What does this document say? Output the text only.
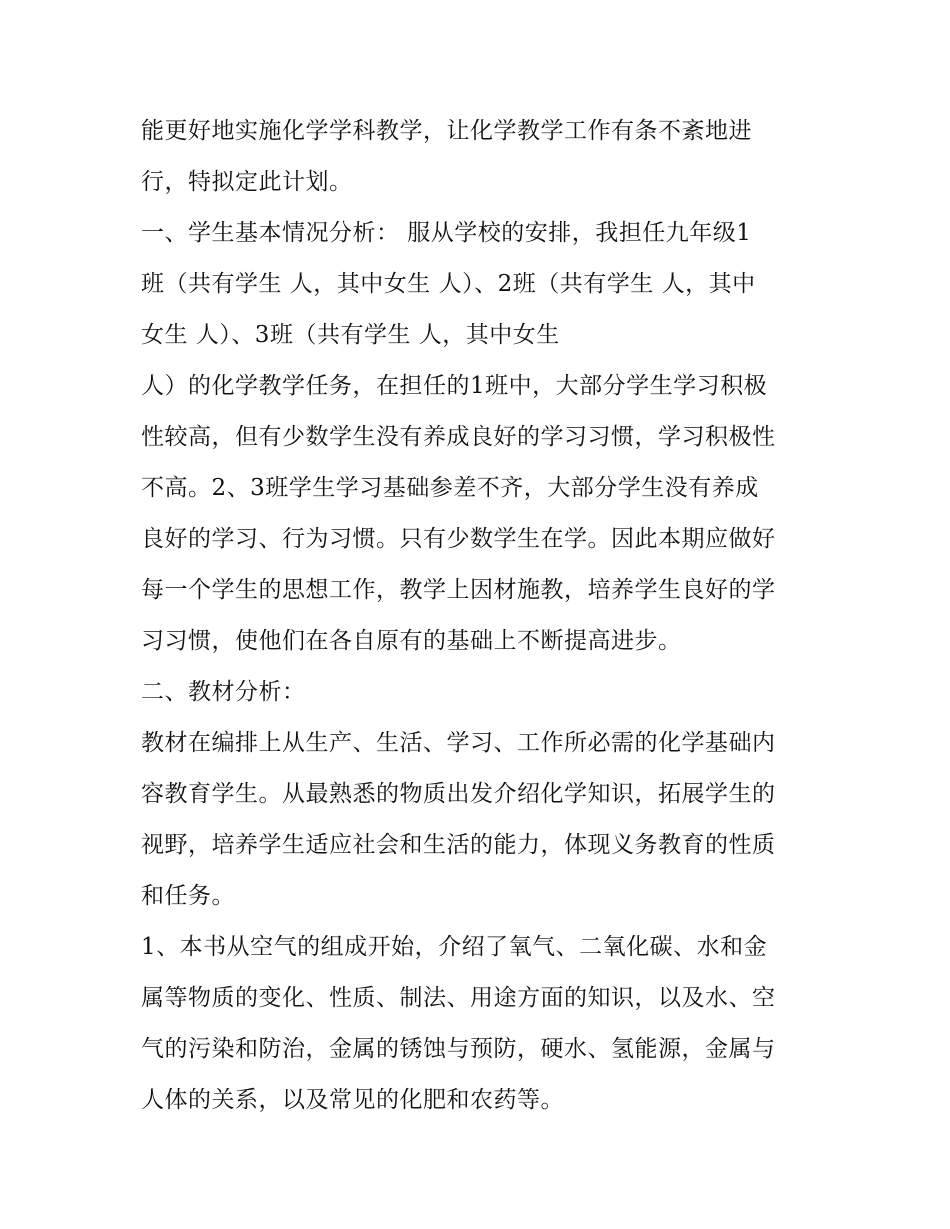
能更好地实施化学学科教学，让化学教学工作有条不紊地进
行，特拟定此计划。
一、学生基本情况分析： 服从学校的安排，我担任九年级1
班（共有学生 人，其中女生 人）、2班（共有学生 人，其中
女生 人）、3班（共有学生 人，其中女生
人）的化学教学任务，在担任的1班中，大部分学生学习积极
性较高，但有少数学生没有养成良好的学习习惯，学习积极性
不高。2、3班学生学习基础参差不齐，大部分学生没有养成
良好的学习、行为习惯。只有少数学生在学。因此本期应做好
每一个学生的思想工作，教学上因材施教，培养学生良好的学
习习惯，使他们在各自原有的基础上不断提高进步。
二、教材分析：
教材在编排上从生产、生活、学习、工作所必需的化学基础内
容教育学生。从最熟悉的物质出发介绍化学知识，拓展学生的
视野，培养学生适应社会和生活的能力，体现义务教育的性质
和任务。
1、本书从空气的组成开始，介绍了氧气、二氧化碳、水和金
属等物质的变化、性质、制法、用途方面的知识，以及水、空
气的污染和防治，金属的锈蚀与预防，硬水、氢能源，金属与
人体的关系，以及常见的化肥和农药等。
